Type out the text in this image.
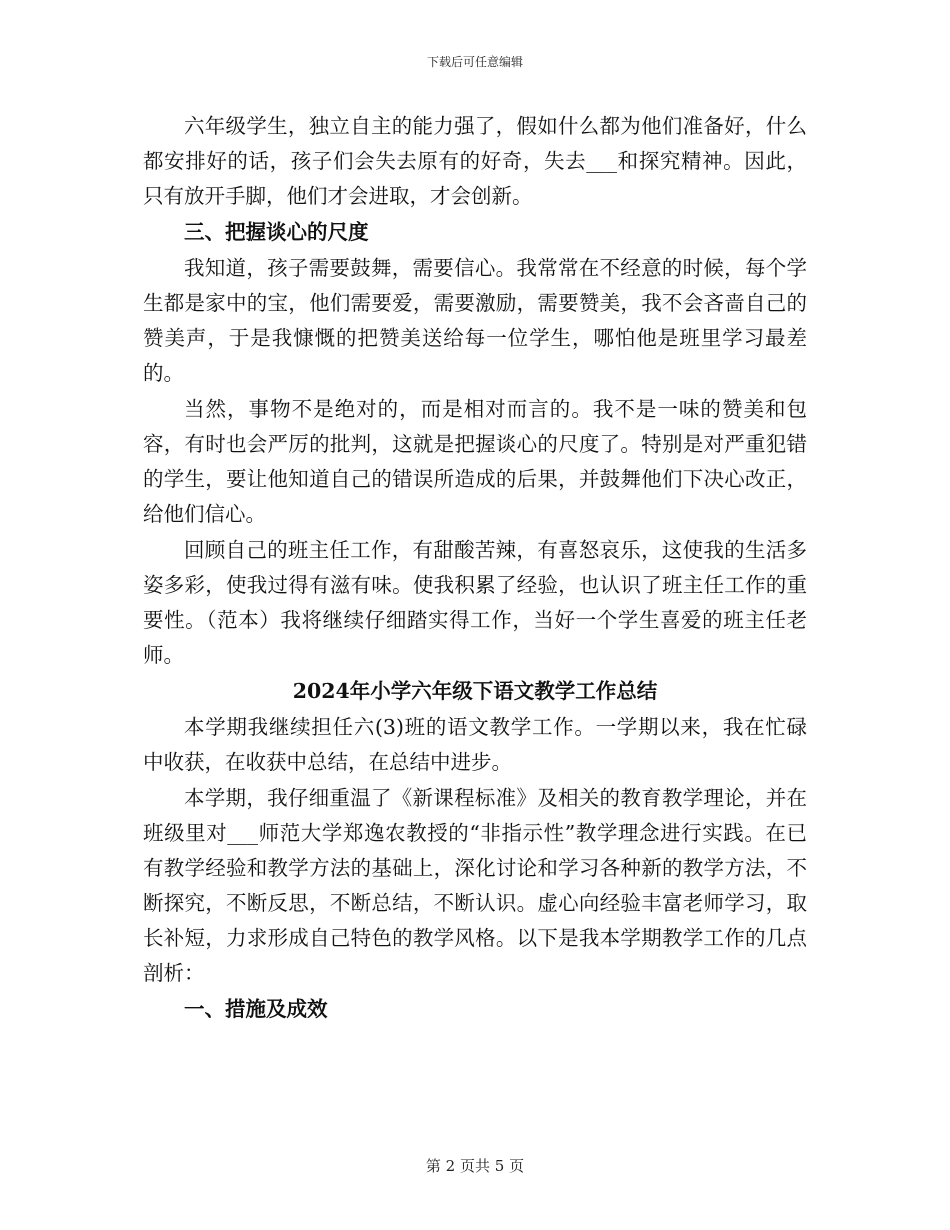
下载后可任意编辑

六年级学生，独立自主的能力强了，假如什么都为他们准备好，什么都安排好的话，孩子们会失去原有的好奇，失去___和探究精神。因此，只有放开手脚，他们才会进取，才会创新。

三、把握谈心的尺度

我知道，孩子需要鼓舞，需要信心。我常常在不经意的时候，每个学生都是家中的宝，他们需要爱，需要激励，需要赞美，我不会吝啬自己的赞美声，于是我慷慨的把赞美送给每一位学生，哪怕他是班里学习最差的。

当然，事物不是绝对的，而是相对而言的。我不是一味的赞美和包容，有时也会严厉的批判，这就是把握谈心的尺度了。特别是对严重犯错的学生，要让他知道自己的错误所造成的后果，并鼓舞他们下决心改正，给他们信心。

回顾自己的班主任工作，有甜酸苦辣，有喜怒哀乐，这使我的生活多姿多彩，使我过得有滋有味。使我积累了经验，也认识了班主任工作的重要性。（范本）我将继续仔细踏实得工作，当好一个学生喜爱的班主任老师。

2024年小学六年级下语文教学工作总结

本学期我继续担任六(3)班的语文教学工作。一学期以来，我在忙碌中收获，在收获中总结，在总结中进步。

本学期，我仔细重温了《新课程标准》及相关的教育教学理论，并在班级里对___师范大学郑逸农教授的“非指示性”教学理念进行实践。在已有教学经验和教学方法的基础上，深化讨论和学习各种新的教学方法，不断探究，不断反思，不断总结，不断认识。虚心向经验丰富老师学习，取长补短，力求形成自己特色的教学风格。以下是我本学期教学工作的几点剖析：

一、措施及成效

第 2 页共 5 页
